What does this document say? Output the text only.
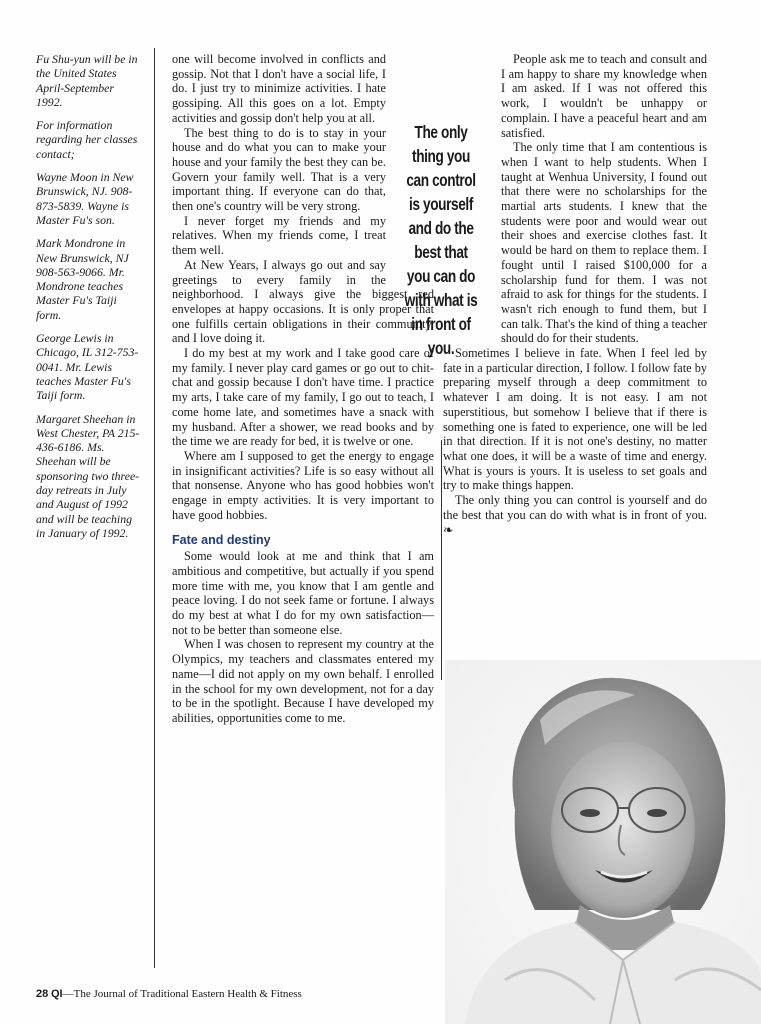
Fu Shu-yun will be in the United States April-September 1992.

For information regarding her classes contact;

Wayne Moon in New Brunswick, NJ. 908-873-5839. Wayne is Master Fu's son.

Mark Mondrone in New Brunswick, NJ 908-563-9066. Mr. Mondrone teaches Master Fu's Taiji form.

George Lewis in Chicago, IL 312-753-0041. Mr. Lewis teaches Master Fu's Taiji form.

Margaret Sheehan in West Chester, PA 215-436-6186. Ms. Sheehan will be sponsoring two three-day retreats in July and August of 1992 and will be teaching in January of 1992.

one will become involved in conflicts and gossip. Not that I don't have a social life, I do. I just try to minimize activities. I hate gossiping. All this goes on a lot. Empty activities and gossip don't help you at all.

The best thing to do is to stay in your house and do what you can to make your house and your family the best they can be. Govern your family well. That is a very important thing. If everyone can do that, then one's country will be very strong.

I never forget my friends and my relatives. When my friends come, I treat them well.

At New Years, I always go out and say greetings to every family in the neighborhood. I always give the biggest red envelopes at happy occasions. It is only proper that one fulfills certain obligations in their community, and I love doing it.

I do my best at my work and I take good care of my family. I never play card games or go out to chit-chat and gossip because I don't have time. I practice my arts, I take care of my family, I go out to teach, I come home late, and sometimes have a snack with my husband. After a shower, we read books and by the time we are ready for bed, it is twelve or one.

Where am I supposed to get the energy to engage in insignificant activities? Life is so easy without all that nonsense. Anyone who has good hobbies won't engage in empty activities. It is very important to have good hobbies.

Fate and destiny

Some would look at me and think that I am ambitious and competitive, but actually if you spend more time with me, you know that I am gentle and peace loving. I do not seek fame or fortune. I always do my best at what I do for my own satisfaction—not to be better than someone else.

When I was chosen to represent my country at the Olympics, my teachers and classmates entered my name—I did not apply on my own behalf. I enrolled in the school for my own development, not for a day to be in the spotlight. Because I have developed my abilities, opportunities come to me.

The only thing you can control is yourself and do the best that you can do with what is in front of you.

People ask me to teach and consult and I am happy to share my knowledge when I am asked. If I was not offered this work, I wouldn't be unhappy or complain. I have a peaceful heart and am satisfied.

The only time that I am contentious is when I want to help students. When I taught at Wenhua University, I found out that there were no scholarships for the martial arts students. I knew that the students were poor and would wear out their shoes and exercise clothes fast. It would be hard on them to replace them. I fought until I raised $100,000 for a scholarship fund for them. I was not afraid to ask for things for the students. I wasn't rich enough to fund them, but I can talk. That's the kind of thing a teacher should do for their students.

Sometimes I believe in fate. When I feel led by fate in a particular direction, I follow. I follow fate by preparing myself through a deep commitment to whatever I am doing. It is not easy. I am not superstitious, but somehow I believe that if there is something one is fated to experience, one will be led in that direction. If it is not one's destiny, no matter what one does, it will be a waste of time and energy. What is yours is yours. It is useless to set goals and try to make things happen.

The only thing you can control is yourself and do the best that you can do with what is in front of you. ❧

28 QI—The Journal of Traditional Eastern Health & Fitness
